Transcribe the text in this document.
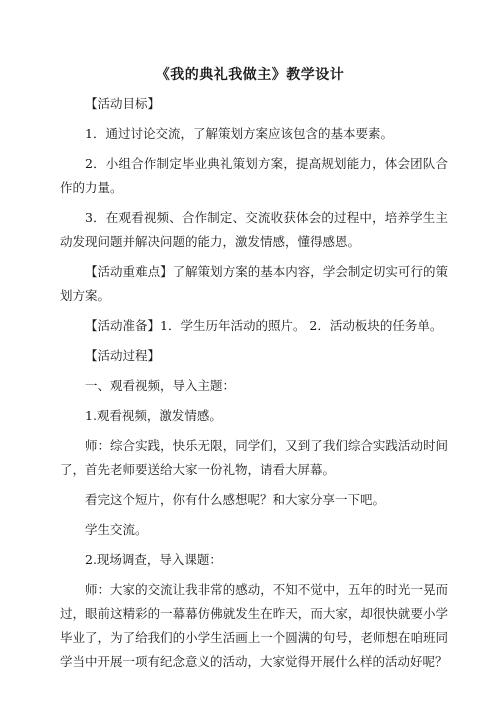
《我的典礼我做主》教学设计

【活动目标】

1．通过讨论交流，了解策划方案应该包含的基本要素。

2．小组合作制定毕业典礼策划方案，提高规划能力，体会团队合作的力量。

3．在观看视频、合作制定、交流收获体会的过程中，培养学生主动发现问题并解决问题的能力，激发情感，懂得感恩。

【活动重难点】了解策划方案的基本内容，学会制定切实可行的策划方案。

【活动准备】1．学生历年活动的照片。 2．活动板块的任务单。

【活动过程】

一、观看视频，导入主题：

1.观看视频，激发情感。

师：综合实践，快乐无限，同学们，又到了我们综合实践活动时间了，首先老师要送给大家一份礼物，请看大屏幕。

看完这个短片，你有什么感想呢？和大家分享一下吧。

学生交流。

2.现场调查，导入课题：

师：大家的交流让我非常的感动，不知不觉中，五年的时光一晃而过，眼前这精彩的一幕幕仿佛就发生在昨天，而大家，却很快就要小学毕业了，为了给我们的小学生活画上一个圆满的句号，老师想在咱班同学当中开展一项有纪念意义的活动，大家觉得开展什么样的活动好呢？
